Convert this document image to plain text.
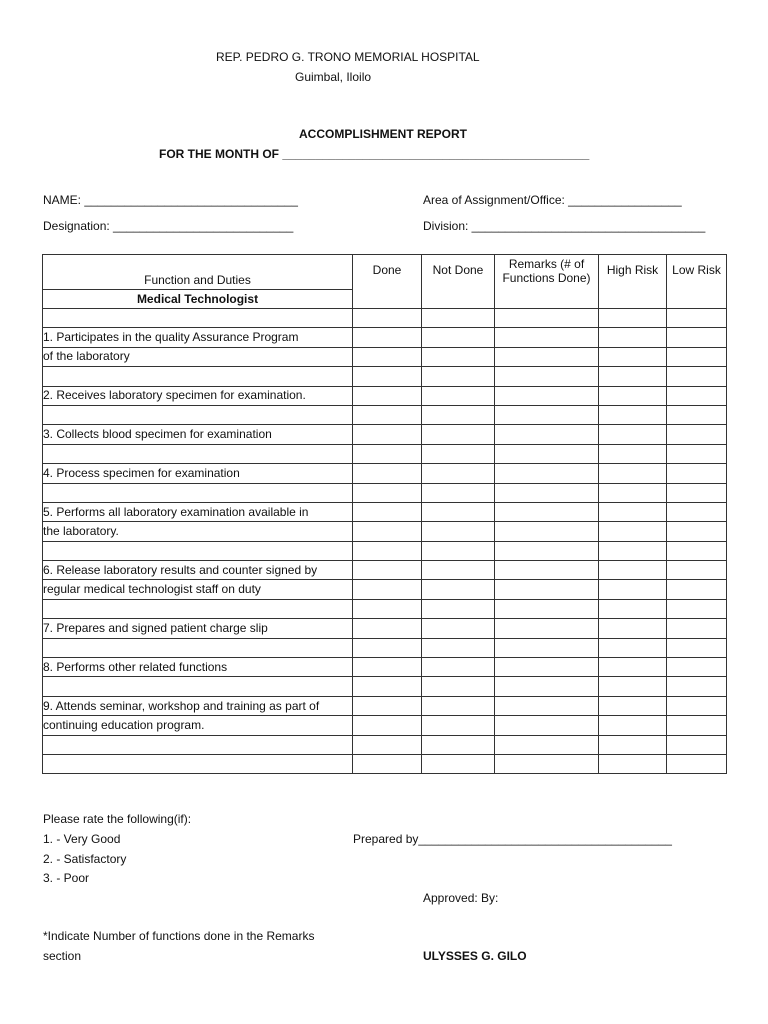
REP. PEDRO G. TRONO MEMORIAL HOSPITAL
Guimbal, Iloilo
ACCOMPLISHMENT REPORT
FOR THE MONTH OF ______________________________________________
NAME: ________________________________
Designation: ___________________________
Area of Assignment/Office: _________________
Division: ___________________________________
Function and Duties	Done	Not Done	Remarks (# of
Functions Done)	High Risk	Low Risk
Medical Technologist					

1. Participates in the quality Assurance Program					
of the laboratory					

2. Receives laboratory specimen for examination.					

3. Collects blood specimen for examination					

4. Process specimen for examination					

5. Performs all laboratory examination available in					
the laboratory.					

6. Release laboratory results and counter signed by					
regular medical technologist staff on duty					

7. Prepares and signed patient charge slip					

8. Performs other related functions					

9. Attends seminar, workshop and training as part of					
continuing education program.					

Please rate the following(if):
1. - Very Good
2. - Satisfactory
3. - Poor
*Indicate Number of functions done in the Remarks
section
Prepared by______________________________________
Approved: By:
ULYSSES G. GILO
